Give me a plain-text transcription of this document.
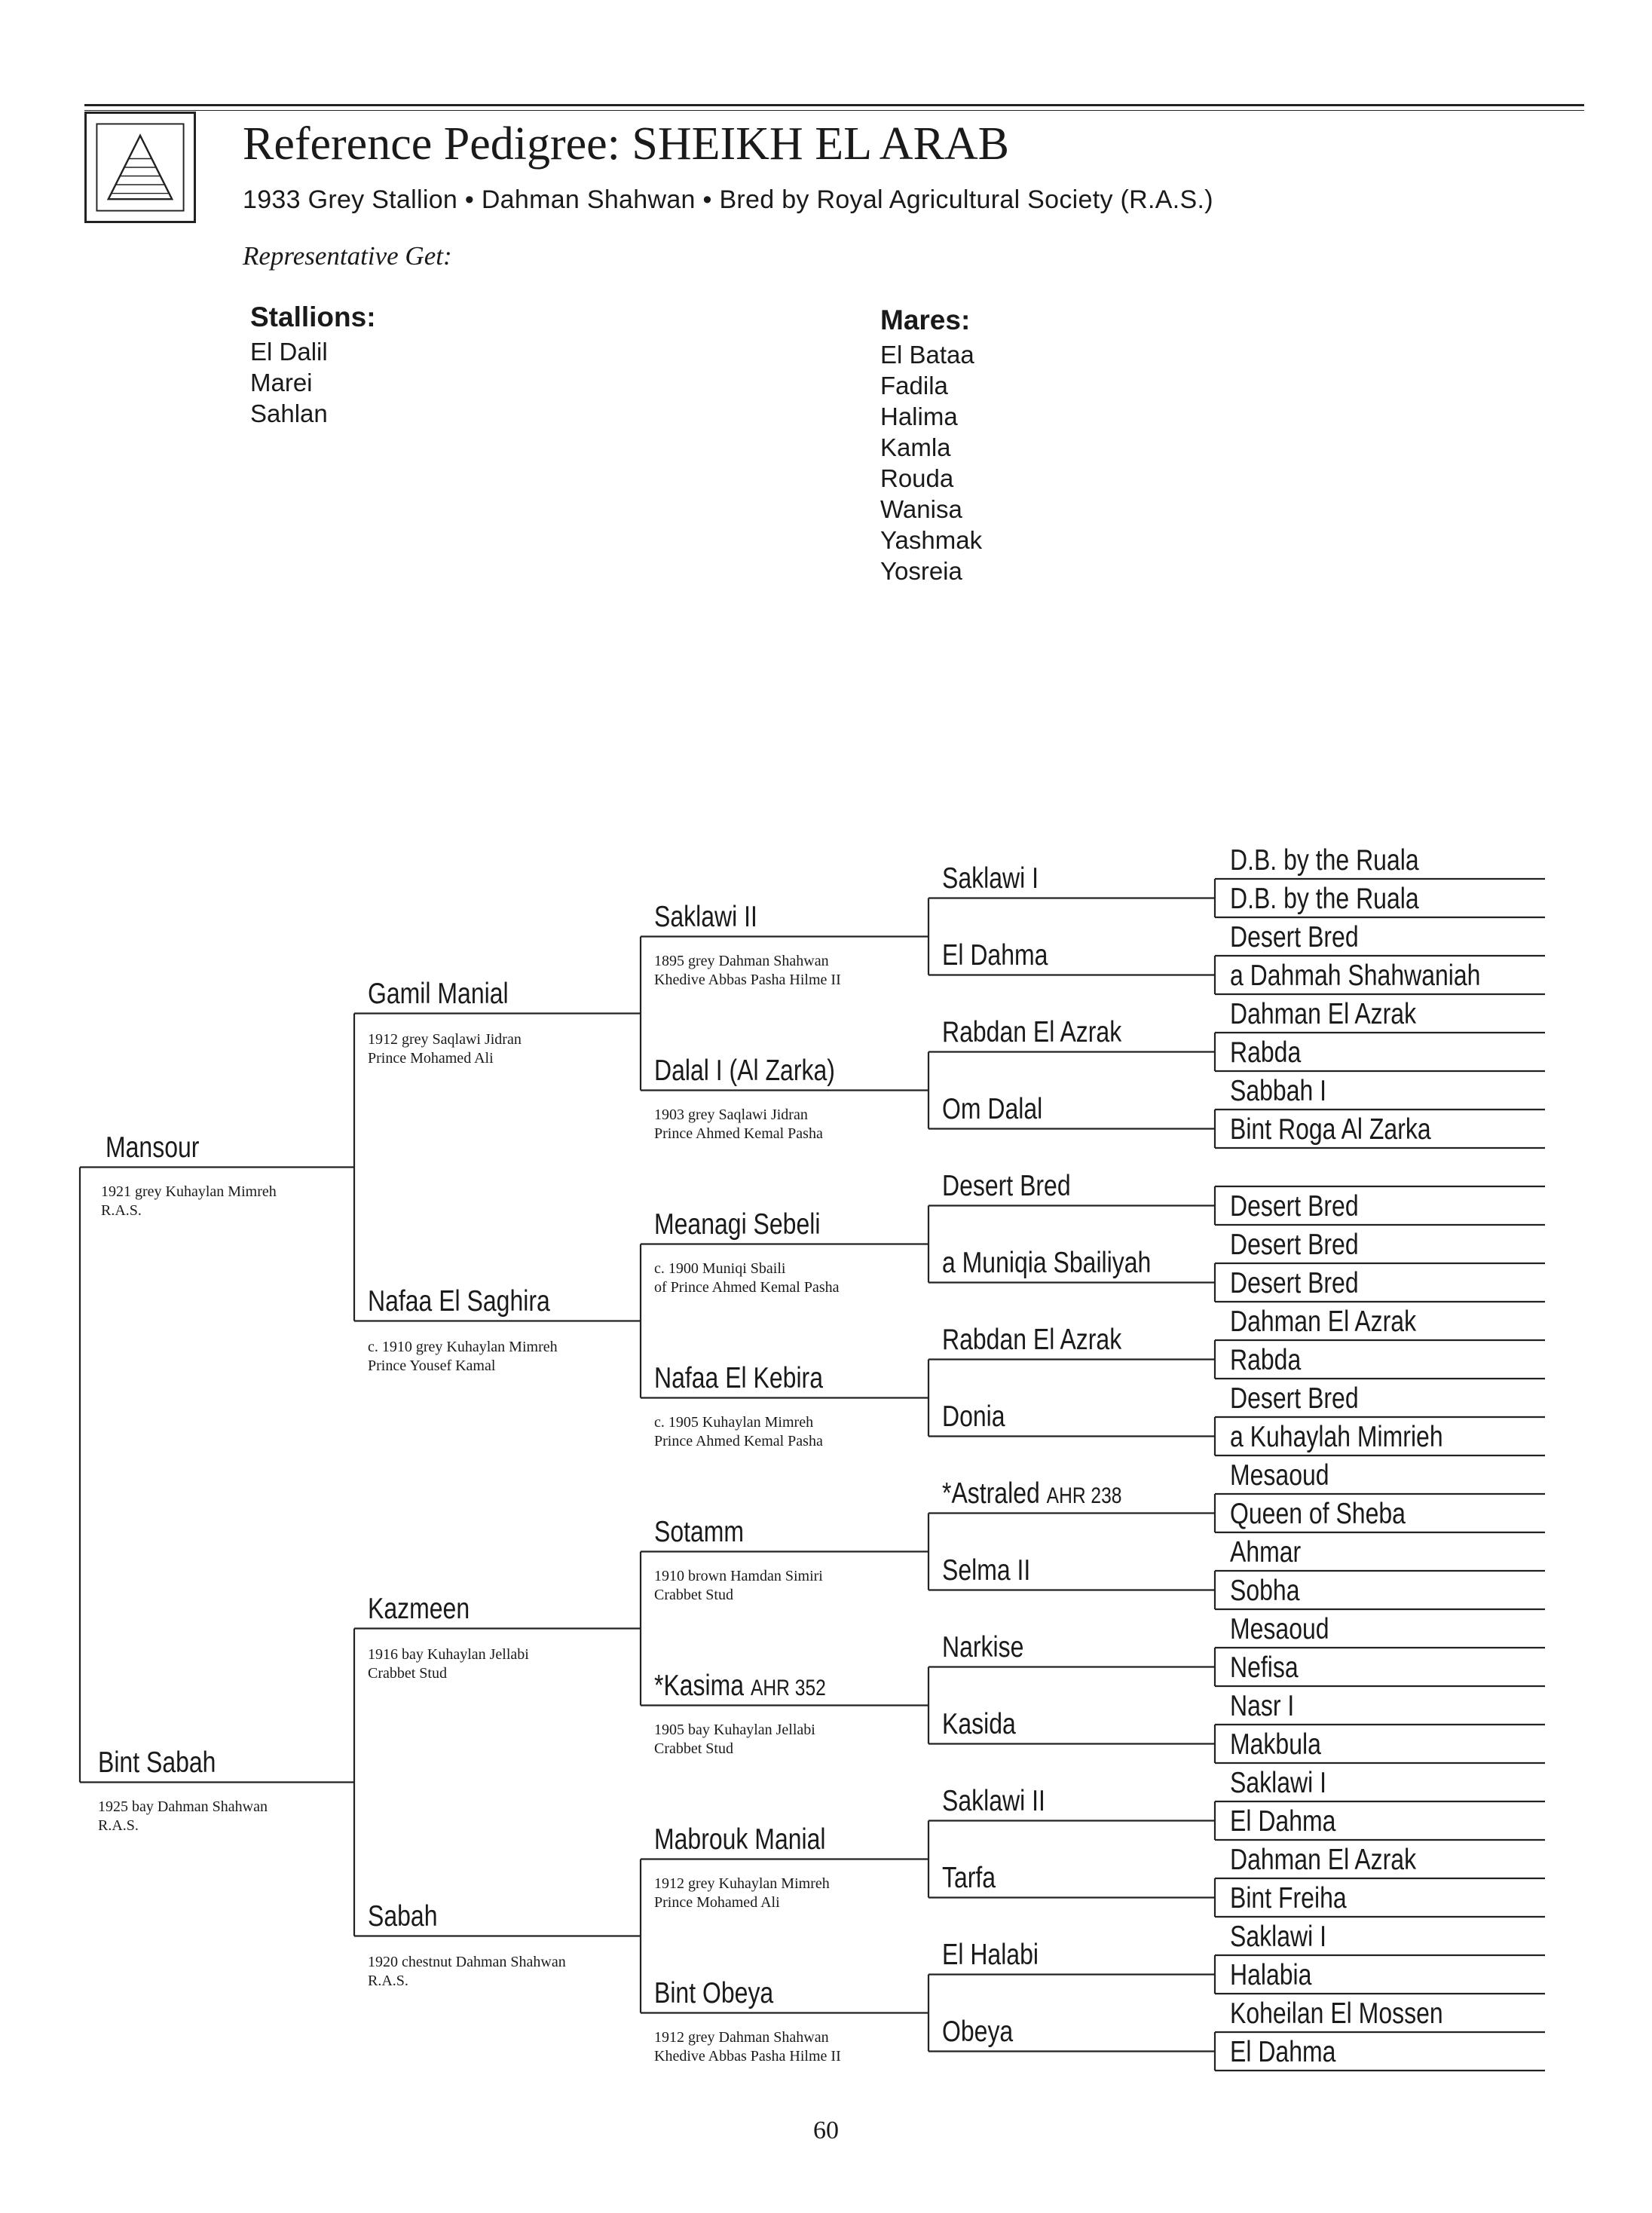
Reference Pedigree: SHEIKH EL ARAB
1933 Grey Stallion • Dahman Shahwan • Bred by Royal Agricultural Society (R.A.S.)
Representative Get:
Stallions:
El Dalil
Marei
Sahlan
Mares:
El Bataa
Fadila
Halima
Kamla
Rouda
Wanisa
Yashmak
Yosreia
Mansour
1921 grey Kuhaylan Mimreh
R.A.S.
Bint Sabah
1925 bay Dahman Shahwan
R.A.S.
Gamil Manial
1912 grey Saqlawi Jidran
Prince Mohamed Ali
Nafaa El Saghira
c. 1910 grey Kuhaylan Mimreh
Prince Yousef Kamal
Kazmeen
1916 bay Kuhaylan Jellabi
Crabbet Stud
Sabah
1920 chestnut Dahman Shahwan
R.A.S.
Saklawi II
1895 grey Dahman Shahwan
Khedive Abbas Pasha Hilme II
Dalal I (Al Zarka)
1903 grey Saqlawi Jidran
Prince Ahmed Kemal Pasha
Meanagi Sebeli
c. 1900 Muniqi Sbaili
of Prince Ahmed Kemal Pasha
Nafaa El Kebira
c. 1905 Kuhaylan Mimreh
Prince Ahmed Kemal Pasha
Sotamm
1910 brown Hamdan Simiri
Crabbet Stud
*Kasima AHR 352
1905 bay Kuhaylan Jellabi
Crabbet Stud
Mabrouk Manial
1912 grey Kuhaylan Mimreh
Prince Mohamed Ali
Bint Obeya
1912 grey Dahman Shahwan
Khedive Abbas Pasha Hilme II
Saklawi I
El Dahma
Rabdan El Azrak
Om Dalal
Desert Bred
a Muniqia Sbailiyah
Rabdan El Azrak
Donia
*Astraled AHR 238
Selma II
Narkise
Kasida
Saklawi II
Tarfa
El Halabi
Obeya
D.B. by the Ruala
D.B. by the Ruala
Desert Bred
a Dahmah Shahwaniah
Dahman El Azrak
Rabda
Sabbah I
Bint Roga Al Zarka
Desert Bred
Desert Bred
Desert Bred
Dahman El Azrak
Rabda
Desert Bred
a Kuhaylah Mimrieh
Mesaoud
Queen of Sheba
Ahmar
Sobha
Mesaoud
Nefisa
Nasr I
Makbula
Saklawi I
El Dahma
Dahman El Azrak
Bint Freiha
Saklawi I
Halabia
Koheilan El Mossen
El Dahma
60
